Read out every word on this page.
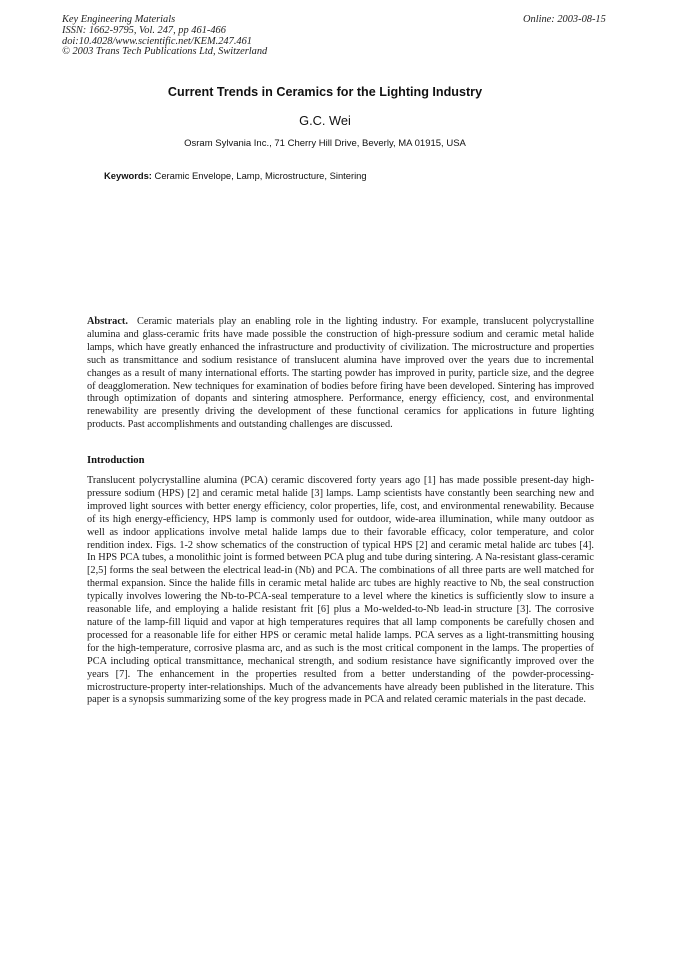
Key Engineering Materials
ISSN: 1662-9795, Vol. 247, pp 461-466
doi:10.4028/www.scientific.net/KEM.247.461
© 2003 Trans Tech Publications Ltd, Switzerland
Online: 2003-08-15
Current Trends in Ceramics for the Lighting Industry
G.C. Wei
Osram Sylvania Inc., 71 Cherry Hill Drive, Beverly, MA 01915, USA
Keywords: Ceramic Envelope, Lamp, Microstructure, Sintering
Abstract. Ceramic materials play an enabling role in the lighting industry. For example, translucent polycrystalline alumina and glass-ceramic frits have made possible the construction of high-pressure sodium and ceramic metal halide lamps, which have greatly enhanced the infrastructure and productivity of civilization. The microstructure and properties such as transmittance and sodium resistance of translucent alumina have improved over the years due to incremental changes as a result of many international efforts. The starting powder has improved in purity, particle size, and the degree of deagglomeration. New techniques for examination of bodies before firing have been developed. Sintering has improved through optimization of dopants and sintering atmosphere. Performance, energy efficiency, cost, and environmental renewability are presently driving the development of these functional ceramics for applications in future lighting products. Past accomplishments and outstanding challenges are discussed.
Introduction
Translucent polycrystalline alumina (PCA) ceramic discovered forty years ago [1] has made possible present-day high-pressure sodium (HPS) [2] and ceramic metal halide [3] lamps. Lamp scientists have constantly been searching new and improved light sources with better energy efficiency, color properties, life, cost, and environmental renewability. Because of its high energy-efficiency, HPS lamp is commonly used for outdoor, wide-area illumination, while many outdoor as well as indoor applications involve metal halide lamps due to their favorable efficacy, color temperature, and color rendition index. Figs. 1-2 show schematics of the construction of typical HPS [2] and ceramic metal halide arc tubes [4]. In HPS PCA tubes, a monolithic joint is formed between PCA plug and tube during sintering. A Na-resistant glass-ceramic [2,5] forms the seal between the electrical lead-in (Nb) and PCA. The combinations of all three parts are well matched for thermal expansion. Since the halide fills in ceramic metal halide arc tubes are highly reactive to Nb, the seal construction typically involves lowering the Nb-to-PCA-seal temperature to a level where the kinetics is sufficiently slow to insure a reasonable life, and employing a halide resistant frit [6] plus a Mo-welded-to-Nb lead-in structure [3]. The corrosive nature of the lamp-fill liquid and vapor at high temperatures requires that all lamp components be carefully chosen and processed for a reasonable life for either HPS or ceramic metal halide lamps. PCA serves as a light-transmitting housing for the high-temperature, corrosive plasma arc, and as such is the most critical component in the lamps. The properties of PCA including optical transmittance, mechanical strength, and sodium resistance have significantly improved over the years [7]. The enhancement in the properties resulted from a better understanding of the powder-processing-microstructure-property inter-relationships. Much of the advancements have already been published in the literature. This paper is a synopsis summarizing some of the key progress made in PCA and related ceramic materials in the past decade.
